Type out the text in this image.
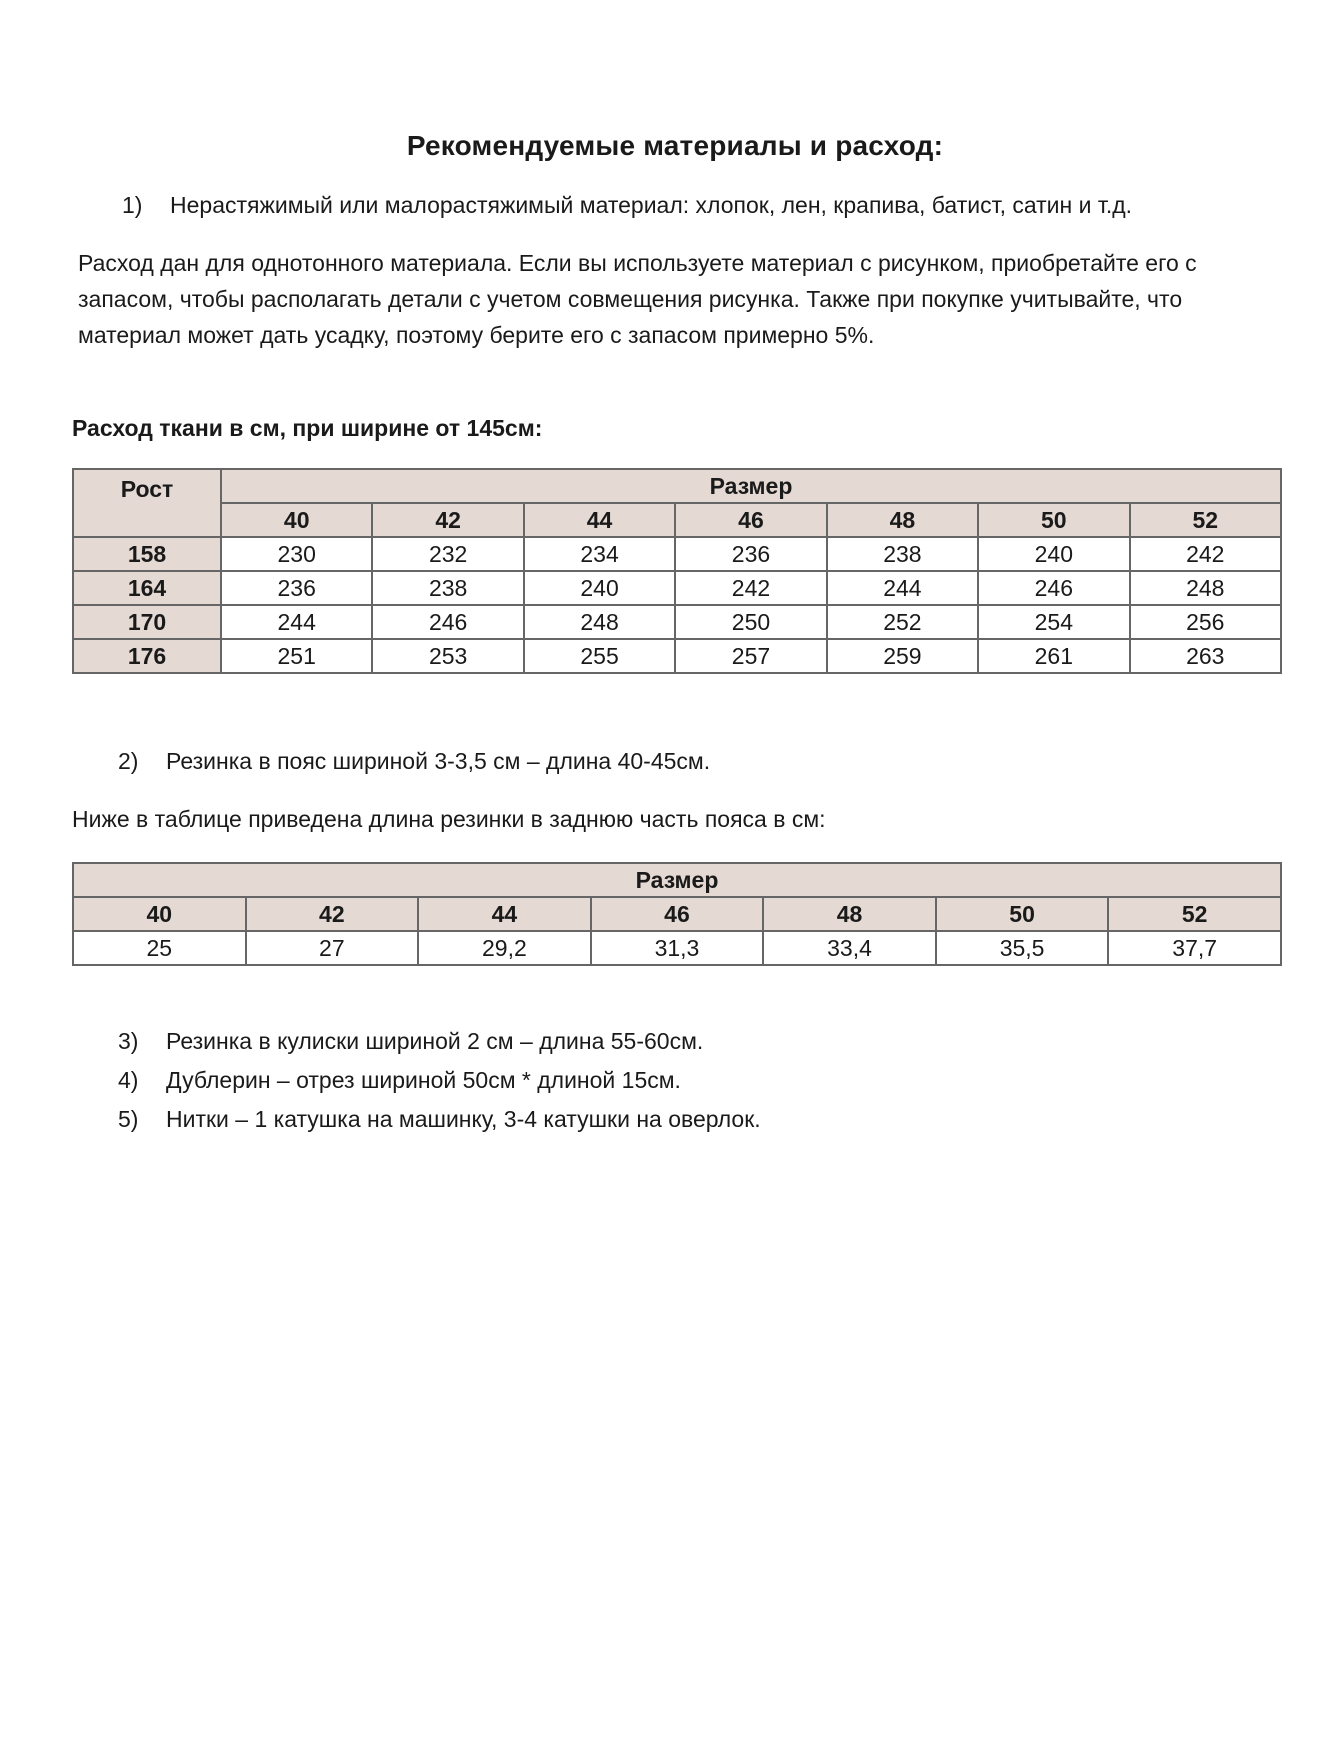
Рекомендуемые материалы и расход:
1) Нерастяжимый или малорастяжимый материал: хлопок, лен, крапива, батист, сатин и т.д.
Расход дан для однотонного материала. Если вы используете материал с рисунком, приобретайте его с
запасом, чтобы располагать детали с учетом совмещения рисунка. Также при покупке учитывайте, что
материал может дать усадку, поэтому берите его с запасом примерно 5%.
Расход ткани в см, при ширине от 145см:
Рост	Размер						
	40	42	44	46	48	50	52
158	230	232	234	236	238	240	242
164	236	238	240	242	244	246	248
170	244	246	248	250	252	254	256
176	251	253	255	257	259	261	263
2) Резинка в пояс шириной 3-3,5 см – длина 40-45см.
Ниже в таблице приведена длина резинки в заднюю часть пояса в см:
Размер						
40	42	44	46	48	50	52
25	27	29,2	31,3	33,4	35,5	37,7
3) Резинка в кулиски шириной 2 см – длина 55-60см.
4) Дублерин – отрез шириной 50см * длиной 15см.
5) Нитки – 1 катушка на машинку, 3-4 катушки на оверлок.
